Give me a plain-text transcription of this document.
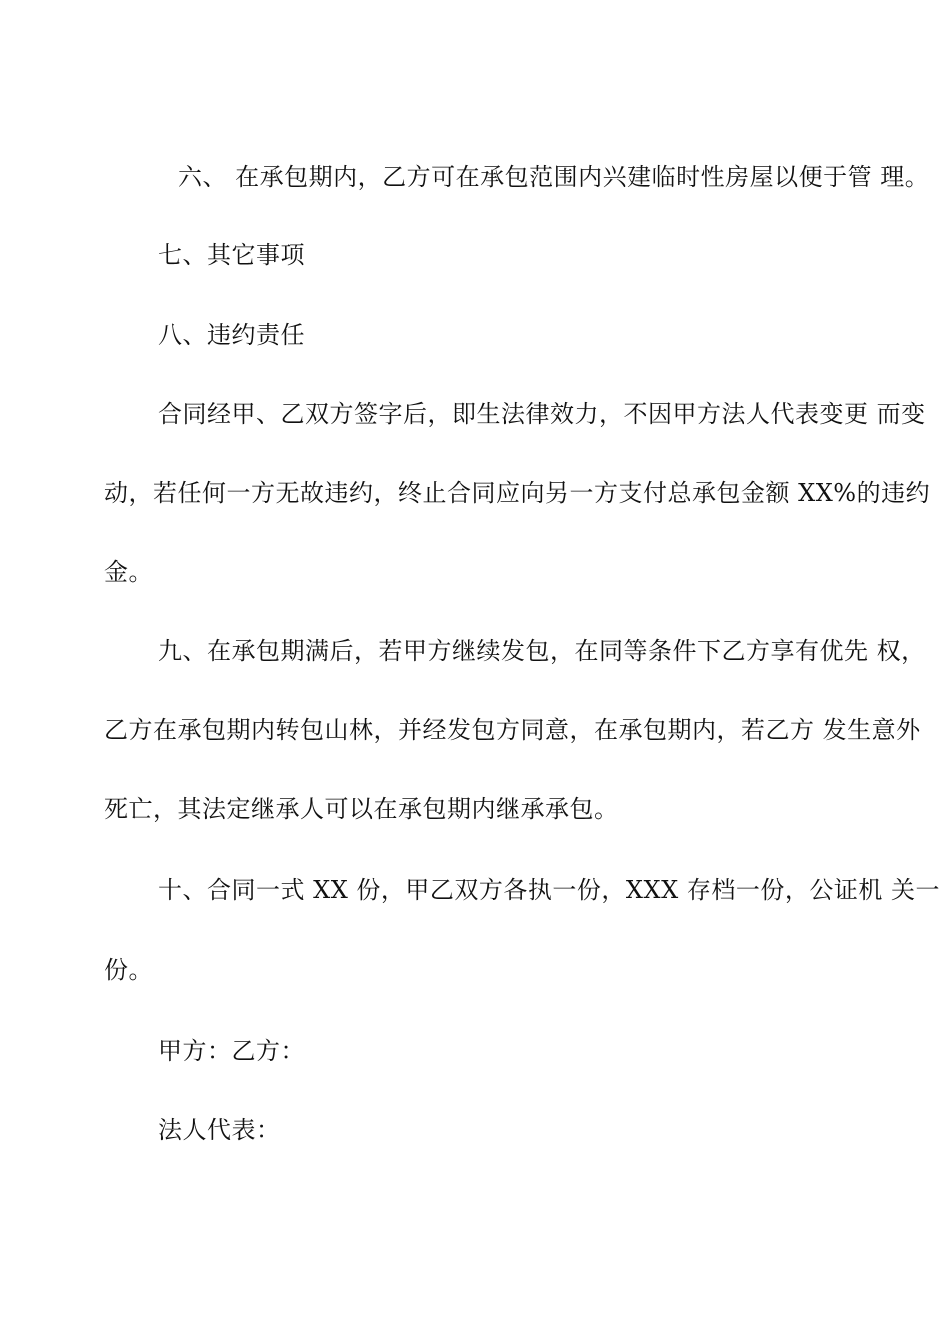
六、 在承包期内，乙方可在承包范围内兴建临时性房屋以便于管 理。
七、其它事项
八、违约责任
合同经甲、乙双方签字后，即生法律效力，不因甲方法人代表变更 而变
动，若任何一方无故违约，终止合同应向另一方支付总承包金额 XX%的违约
金。
九、在承包期满后，若甲方继续发包，在同等条件下乙方享有优先 权，
乙方在承包期内转包山林，并经发包方同意，在承包期内，若乙方 发生意外
死亡，其法定继承人可以在承包期内继承承包。
十、合同一式 XX 份，甲乙双方各执一份，XXX 存档一份，公证机 关一
份。
甲方：乙方：
法人代表：
